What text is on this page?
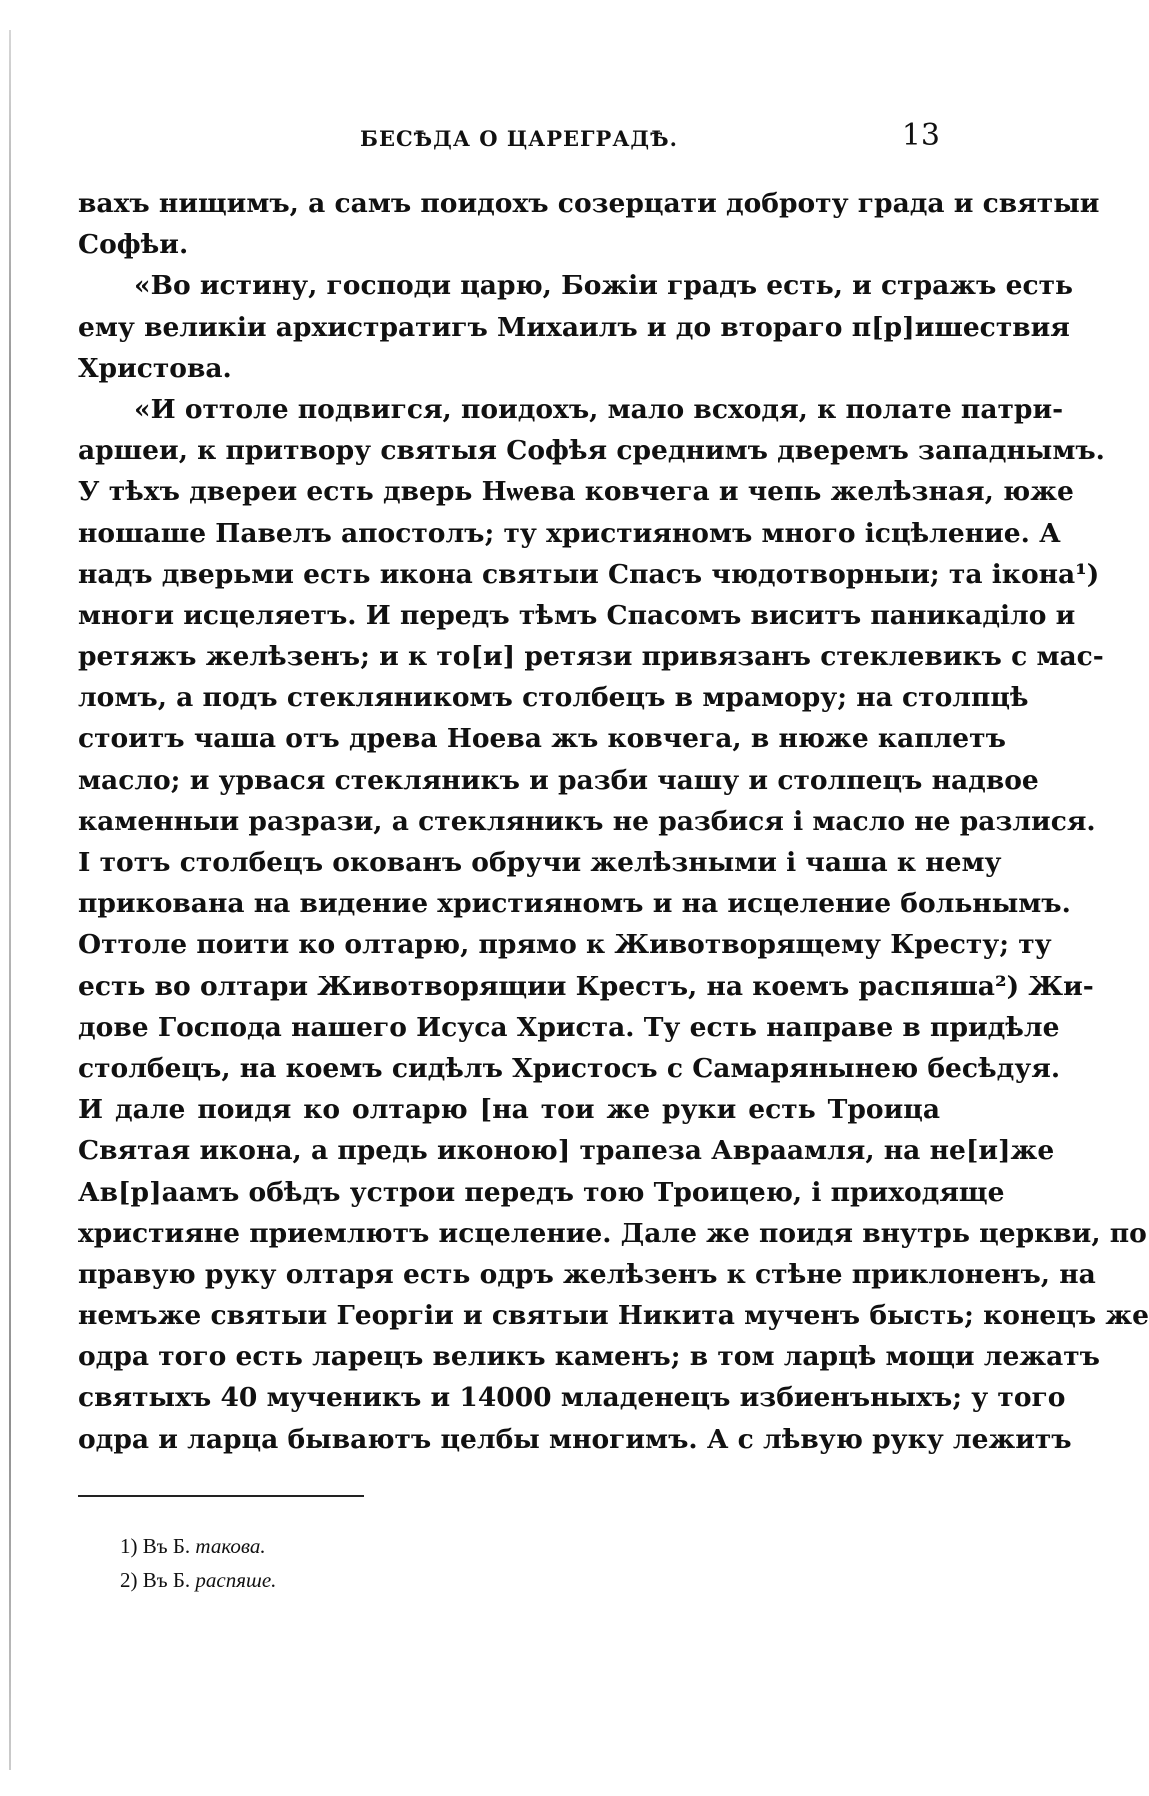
БЕСѢДА О ЦАРЕГРАДѢ.	13
вахъ нищимъ, а самъ поидохъ созерцати доброту града и святыи
Софѣи.
«Во истину, господи царю, Божіи градъ есть, и стражъ есть
ему великіи архистратигъ Михаилъ и до втораго п[р]ишествия
Христова.
«И оттоле подвигся, поидохъ, мало всходя, к полате патри-
аршеи, к притвору святыя Софѣя среднимъ дверемъ западнымъ.
У тѣхъ двереи есть дверь Нѡева ковчега и чепь желѣзная, юже
ношаше Павелъ апостолъ; ту християномъ много ісцѣление. А
надъ дверьми есть икона святыи Спасъ чюдотворныи; та ікона¹)
многи исцеляетъ. И передъ тѣмъ Спасомъ виситъ паникаділо и
ретяжъ желѣзенъ; и к то[и] ретязи привязанъ стеклевикъ с мас-
ломъ, а подъ стекляникомъ столбецъ в мрамору; на столпцѣ
стоитъ чаша отъ древа Ноева жъ ковчега, в нюже каплетъ
масло; и урвася стекляникъ и разби чашу и столпецъ надвое
каменныи разрази, а стекляникъ не разбися і масло не разлися.
І тотъ столбецъ окованъ обручи желѣзными і чаша к нему
прикована на видение християномъ и на исцеление больнымъ.
Оттоле поити ко олтарю, прямо к Животворящему Кресту; ту
есть во олтари Животворящии Крестъ, на коемъ распяша²) Жи-
дове Господа нашего Исуса Христа. Ту есть направе в придѣле
столбецъ, на коемъ сидѣлъ Христосъ с Самарянынею бесѣдуя.
И дале поидя ко олтарю [на тои же руки есть Троица
Святая икона, а предь иконою] трапеза Авраамля, на не[и]же
Ав[р]аамъ обѣдъ устрои передъ тою Троицею, і приходяще
християне приемлютъ исцеление. Дале же поидя внутрь церкви, по
правую руку олтаря есть одръ желѣзенъ к стѣне приклоненъ, на
немъже святыи Георгіи и святыи Никита мученъ бысть; конецъ же
одра того есть ларецъ великъ каменъ; в том ларцѣ мощи лежатъ
святыхъ 40 мученикъ и 14000 младенецъ избиенъныхъ; у того
одра и ларца бываютъ целбы многимъ. А с лѣвую руку лежитъ
1) Въ Б. такова.
2) Въ Б. распяше.
